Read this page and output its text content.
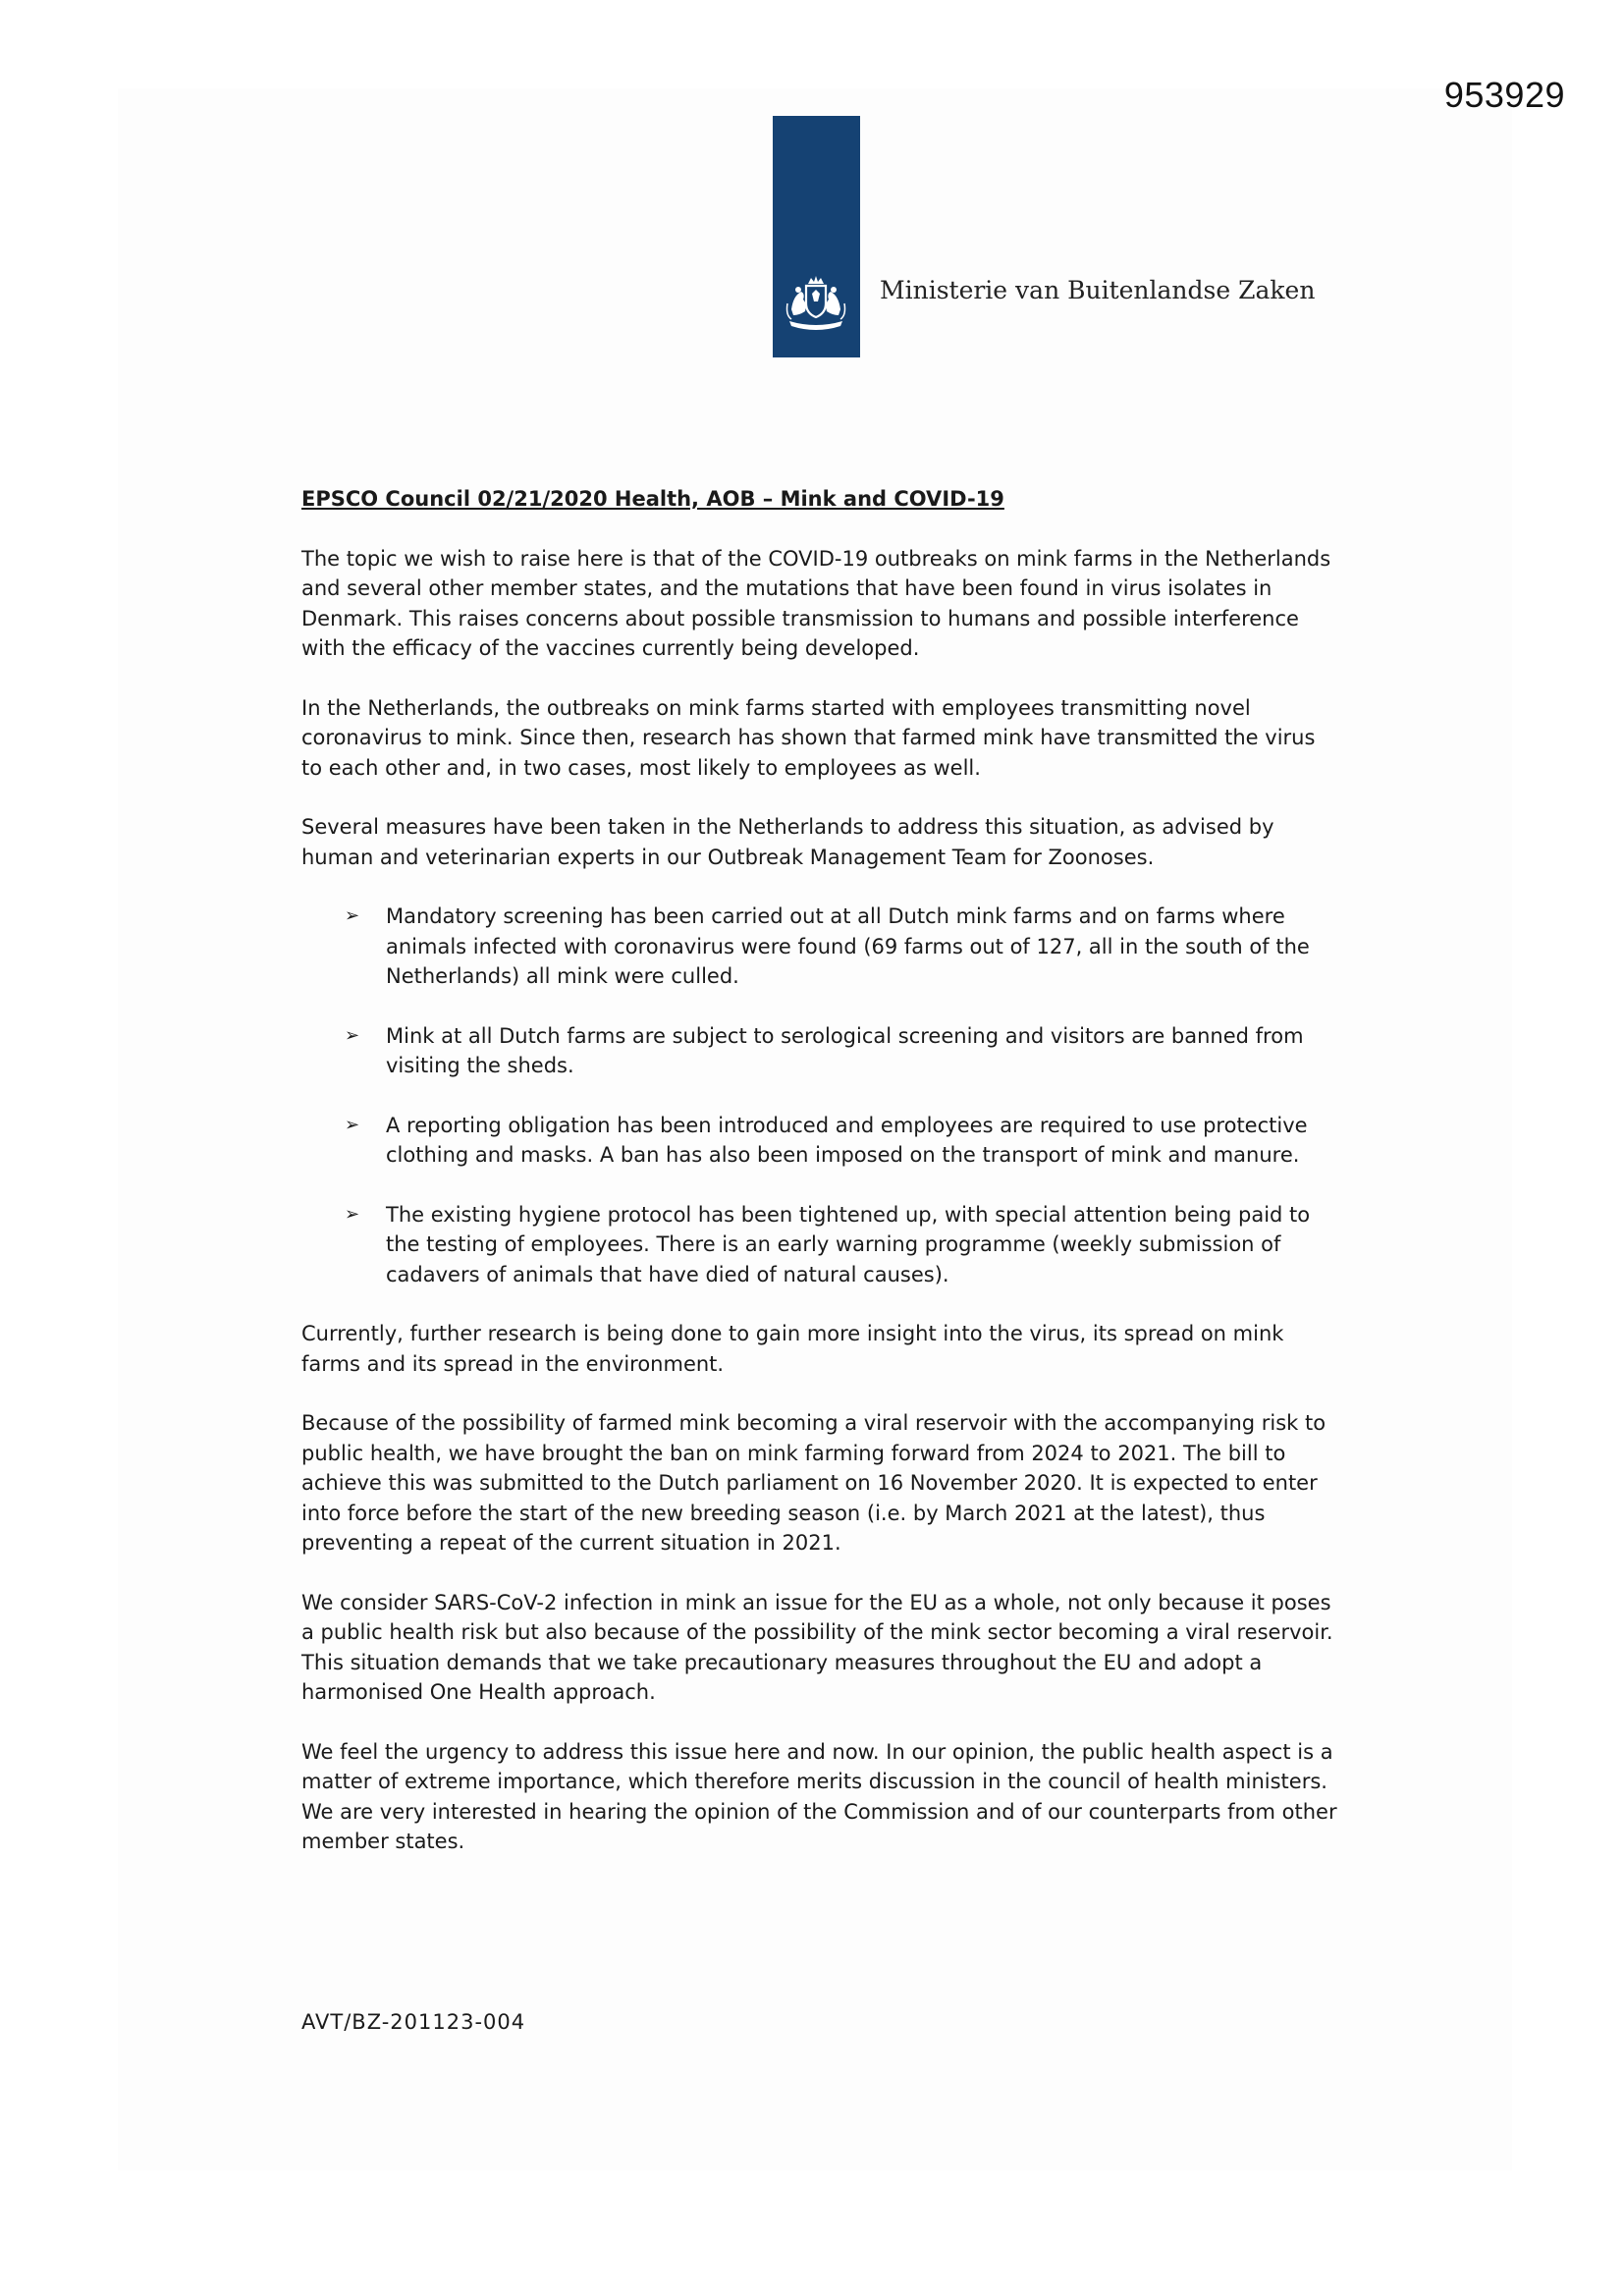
953929
Ministerie van Buitenlandse Zaken

EPSCO Council 02/21/2020 Health, AOB – Mink and COVID-19

The topic we wish to raise here is that of the COVID-19 outbreaks on mink farms in the Netherlands and several other member states, and the mutations that have been found in virus isolates in Denmark. This raises concerns about possible transmission to humans and possible interference with the efficacy of the vaccines currently being developed.

In the Netherlands, the outbreaks on mink farms started with employees transmitting novel coronavirus to mink. Since then, research has shown that farmed mink have transmitted the virus to each other and, in two cases, most likely to employees as well.

Several measures have been taken in the Netherlands to address this situation, as advised by human and veterinarian experts in our Outbreak Management Team for Zoonoses.

➢ Mandatory screening has been carried out at all Dutch mink farms and on farms where animals infected with coronavirus were found (69 farms out of 127, all in the south of the Netherlands) all mink were culled.
➢ Mink at all Dutch farms are subject to serological screening and visitors are banned from visiting the sheds.
➢ A reporting obligation has been introduced and employees are required to use protective clothing and masks. A ban has also been imposed on the transport of mink and manure.
➢ The existing hygiene protocol has been tightened up, with special attention being paid to the testing of employees. There is an early warning programme (weekly submission of cadavers of animals that have died of natural causes).

Currently, further research is being done to gain more insight into the virus, its spread on mink farms and its spread in the environment.

Because of the possibility of farmed mink becoming a viral reservoir with the accompanying risk to public health, we have brought the ban on mink farming forward from 2024 to 2021. The bill to achieve this was submitted to the Dutch parliament on 16 November 2020. It is expected to enter into force before the start of the new breeding season (i.e. by March 2021 at the latest), thus preventing a repeat of the current situation in 2021.

We consider SARS-CoV-2 infection in mink an issue for the EU as a whole, not only because it poses a public health risk but also because of the possibility of the mink sector becoming a viral reservoir. This situation demands that we take precautionary measures throughout the EU and adopt a harmonised One Health approach.

We feel the urgency to address this issue here and now. In our opinion, the public health aspect is a matter of extreme importance, which therefore merits discussion in the council of health ministers. We are very interested in hearing the opinion of the Commission and of our counterparts from other member states.

AVT/BZ-201123-004
